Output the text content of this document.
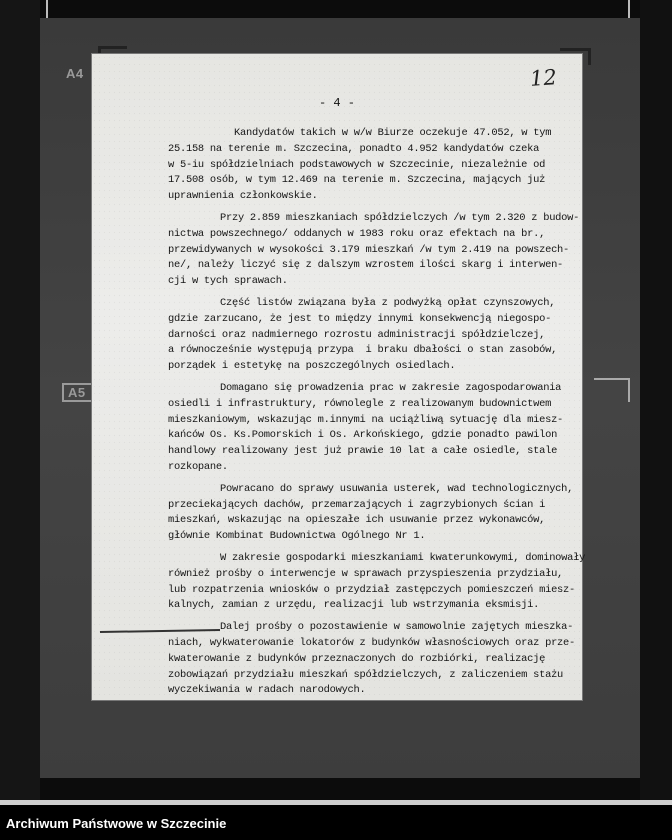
A4
A5
12
- 4 -
Kandydatów takich w w/w Biurze oczekuje 47.052, w tym
25.158 na terenie m. Szczecina, ponadto 4.952 kandydatów czeka
w 5-iu spółdzielniach podstawowych w Szczecinie, niezależnie od
17.508 osób, w tym 12.469 na terenie m. Szczecina, mających już
uprawnienia członkowskie.
Przy 2.859 mieszkaniach spółdzielczych /w tym 2.320 z budow-
nictwa powszechnego/ oddanych w 1983 roku oraz efektach na br.,
przewidywanych w wysokości 3.179 mieszkań /w tym 2.419 na powszech-
ne/, należy liczyć się z dalszym wzrostem ilości skarg i interwen-
cji w tych sprawach.
Część listów związana była z podwyżką opłat czynszowych,
gdzie zarzucano, że jest to między innymi konsekwencją niegospo-
darności oraz nadmiernego rozrostu administracji spółdzielczej,
a równocześnie występują przypa  i braku dbałości o stan zasobów,
porządek i estetykę na poszczególnych osiedlach.
Domagano się prowadzenia prac w zakresie zagospodarowania
osiedli i infrastruktury, równolegle z realizowanym budownictwem
mieszkaniowym, wskazując m.innymi na uciążliwą sytuację dla miesz-
kańców Os. Ks.Pomorskich i Os. Arkońskiego, gdzie ponadto pawilon
handlowy realizowany jest już prawie 10 lat a całe osiedle, stale
rozkopane.
Powracano do sprawy usuwania usterek, wad technologicznych,
przeciekających dachów, przemarzających i zagrzybionych ścian i
mieszkań, wskazując na opieszałe ich usuwanie przez wykonawców,
głównie Kombinat Budownictwa Ogólnego Nr 1.
W zakresie gospodarki mieszkaniami kwaterunkowymi, dominowały
również prośby o interwencje w sprawach przyspieszenia przydziału,
lub rozpatrzenia wniosków o przydział zastępczych pomieszczeń miesz-
kalnych, zamian z urzędu, realizacji lub wstrzymania eksmisji.
Dalej prośby o pozostawienie w samowolnie zajętych mieszka-
niach, wykwaterowanie lokatorów z budynków własnościowych oraz prze-
kwaterowanie z budynków przeznaczonych do rozbiórki, realizację
zobowiązań przydziału mieszkań spółdzielczych, z zaliczeniem stażu
wyczekiwania w radach narodowych.
Archiwum Państwowe w Szczecinie
